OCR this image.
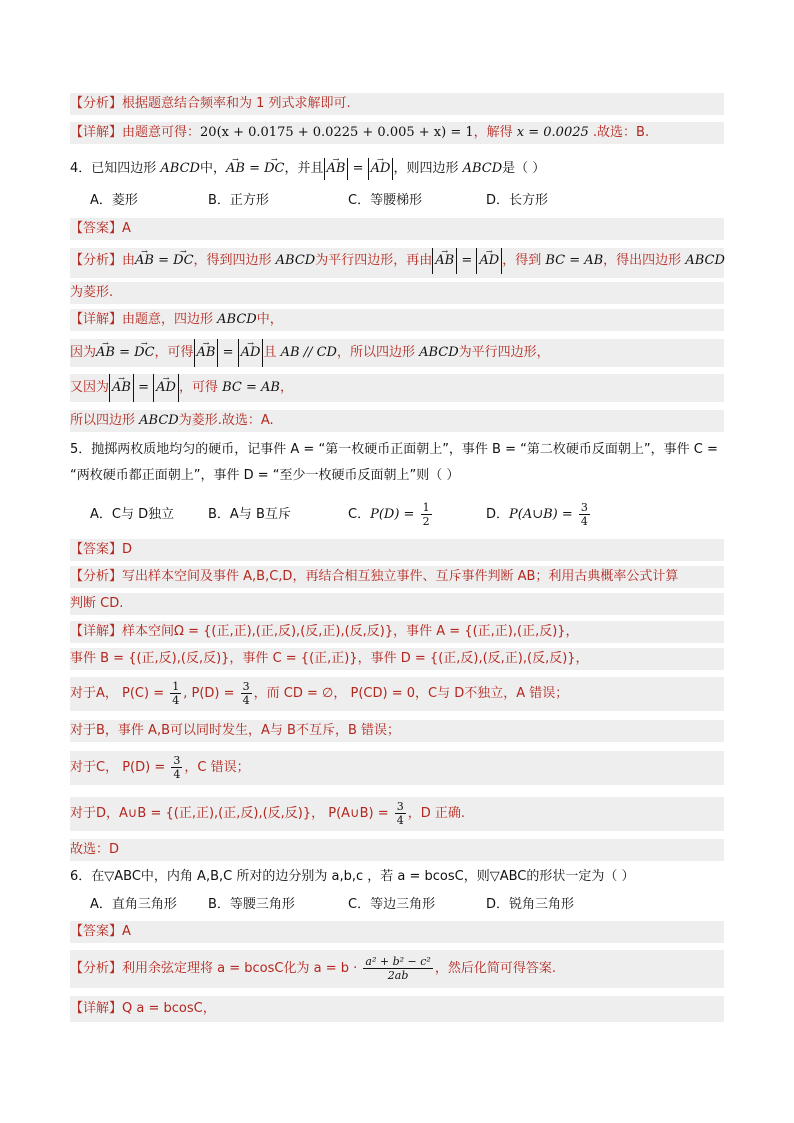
【分析】根据题意结合频率和为 1 列式求解即可.
【详解】由题意可得：20(x + 0.0175 + 0.0225 + 0.005 + x) = 1，解得 x = 0.0025 .故选：B.
4．已知四边形 ABCD中，→ AB = → DC，并且 → AB = → AD ，则四边形 ABCD是（ ）
A．菱形	B．正方形	C．等腰梯形	D．长方形
【答案】A
【分析】由→ AB = → DC，得到四边形 ABCD为平行四边形，再由 → AB = → AD ，得到 BC = AB，得出四边形 ABCD
为菱形.
【详解】由题意，四边形 ABCD中，
因为→ AB = → DC，可得 → AB = → AD 且 AB // CD，所以四边形 ABCD为平行四边形，
又因为 → AB = → AD ，可得 BC = AB，
所以四边形 ABCD为菱形.故选：A.
5．抛掷两枚质地均匀的硬币，记事件 A = “第一枚硬币正面朝上”，事件 B = “第二枚硬币反面朝上”，事件 C =
“两枚硬币都正面朝上”，事件 D = “至少一枚硬币反面朝上”则（ ）
A．C与 D独立	B．A与 B互斥	C．$P(D) = \frac{1}{2}$	D．P(A∪B) = $\frac{3}{4}$
【答案】D
【分析】写出样本空间及事件 A,B,C,D，再结合相互独立事件、互斥事件判断 AB；利用古典概率公式计算
判断 CD.
【详解】样本空间Ω = {(正,正),(正,反),(反,正),(反,反)}，事件 A = {(正,正),(正,反)}，
事件 B = {(正,反),(反,反)}，事件 C = {(正,正)}，事件 D = {(正,反),(反,正),(反,反)}，
对于A， $P(C) = \frac{1}{4}$ , $P(D) = \frac{3}{4}$ ，而 CD = ∅， P(CD) = 0，C与 D不独立，A 错误；
对于B，事件 A,B可以同时发生，A与 B不互斥，B 错误；
对于C， $P(D) = \frac{3}{4}$ ，C 错误；
对于D，A∪B = {(正,正),(正,反),(反,反)}， P(A∪B) = $\frac{3}{4}$ ，D 正确.
故选：D
6．在▽ABC中，内角 A,B,C 所对的边分别为 a,b,c ，若 a = bcosC，则▽ABC的形状一定为（ ）
A．直角三角形 B．等腰三角形	C．等边三角形	D．锐角三角形
【答案】A
【分析】利用余弦定理将 a = bcosC化为 $a = b \cdot \frac{\text{a² + b² − c²}}{2ab}$ ，然后化简可得答案.
【详解】Q a = bcosC，
